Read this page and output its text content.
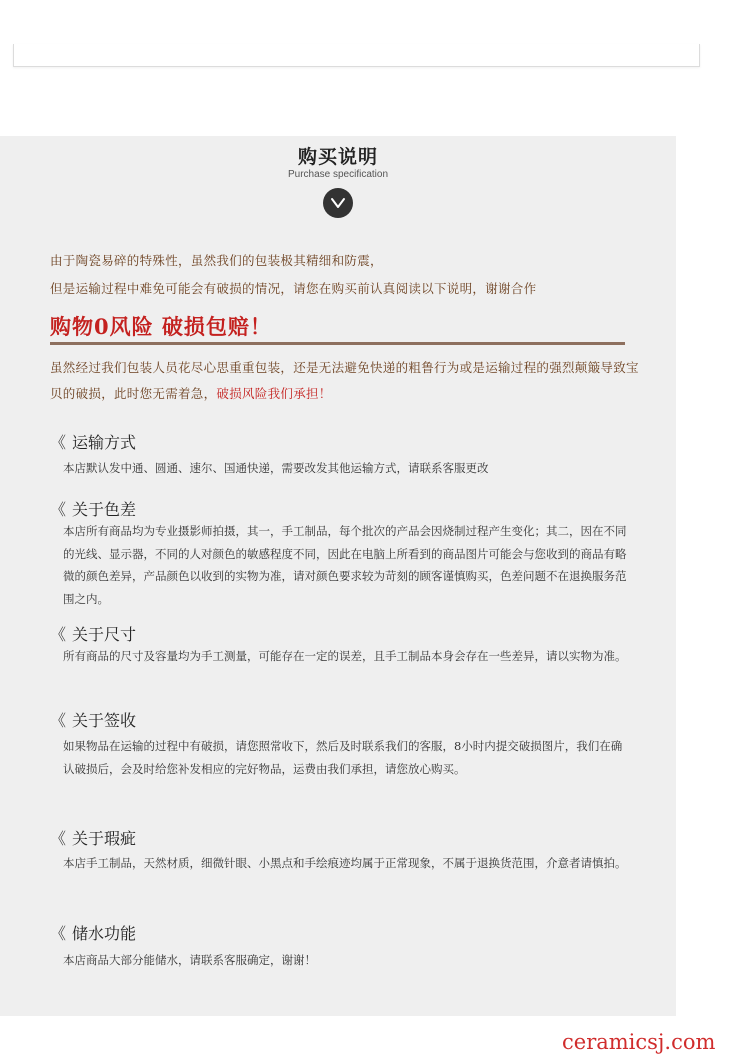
购买说明
Purchase specification
由于陶瓷易碎的特殊性，虽然我们的包装极其精细和防震，
但是运输过程中难免可能会有破损的情况，请您在购买前认真阅读以下说明，谢谢合作
购物0风险 破损包赔！
虽然经过我们包装人员花尽心思重重包装，还是无法避免快递的粗鲁行为或是运输过程的强烈颠簸导致宝贝的破损，此时您无需着急，破损风险我们承担！
《 运输方式
本店默认发中通、圆通、速尔、国通快递，需要改发其他运输方式，请联系客服更改
《 关于色差
本店所有商品均为专业摄影师拍摄，其一，手工制品，每个批次的产品会因烧制过程产生变化；其二，因在不同的光线、显示器，不同的人对颜色的敏感程度不同，因此在电脑上所看到的商品图片可能会与您收到的商品有略微的颜色差异，产品颜色以收到的实物为准，请对颜色要求较为苛刻的顾客谨慎购买，色差问题不在退换服务范围之内。
《 关于尺寸
所有商品的尺寸及容量均为手工测量，可能存在一定的误差，且手工制品本身会存在一些差异，请以实物为准。
《 关于签收
如果物品在运输的过程中有破损，请您照常收下，然后及时联系我们的客服，8小时内提交破损图片，我们在确认破损后，会及时给您补发相应的完好物品，运费由我们承担，请您放心购买。
《 关于瑕疵
本店手工制品，天然材质，细微针眼、小黑点和手绘痕迹均属于正常现象，不属于退换货范围，介意者请慎拍。
《 储水功能
本店商品大部分能储水，请联系客服确定，谢谢！
ceramicsj.com
